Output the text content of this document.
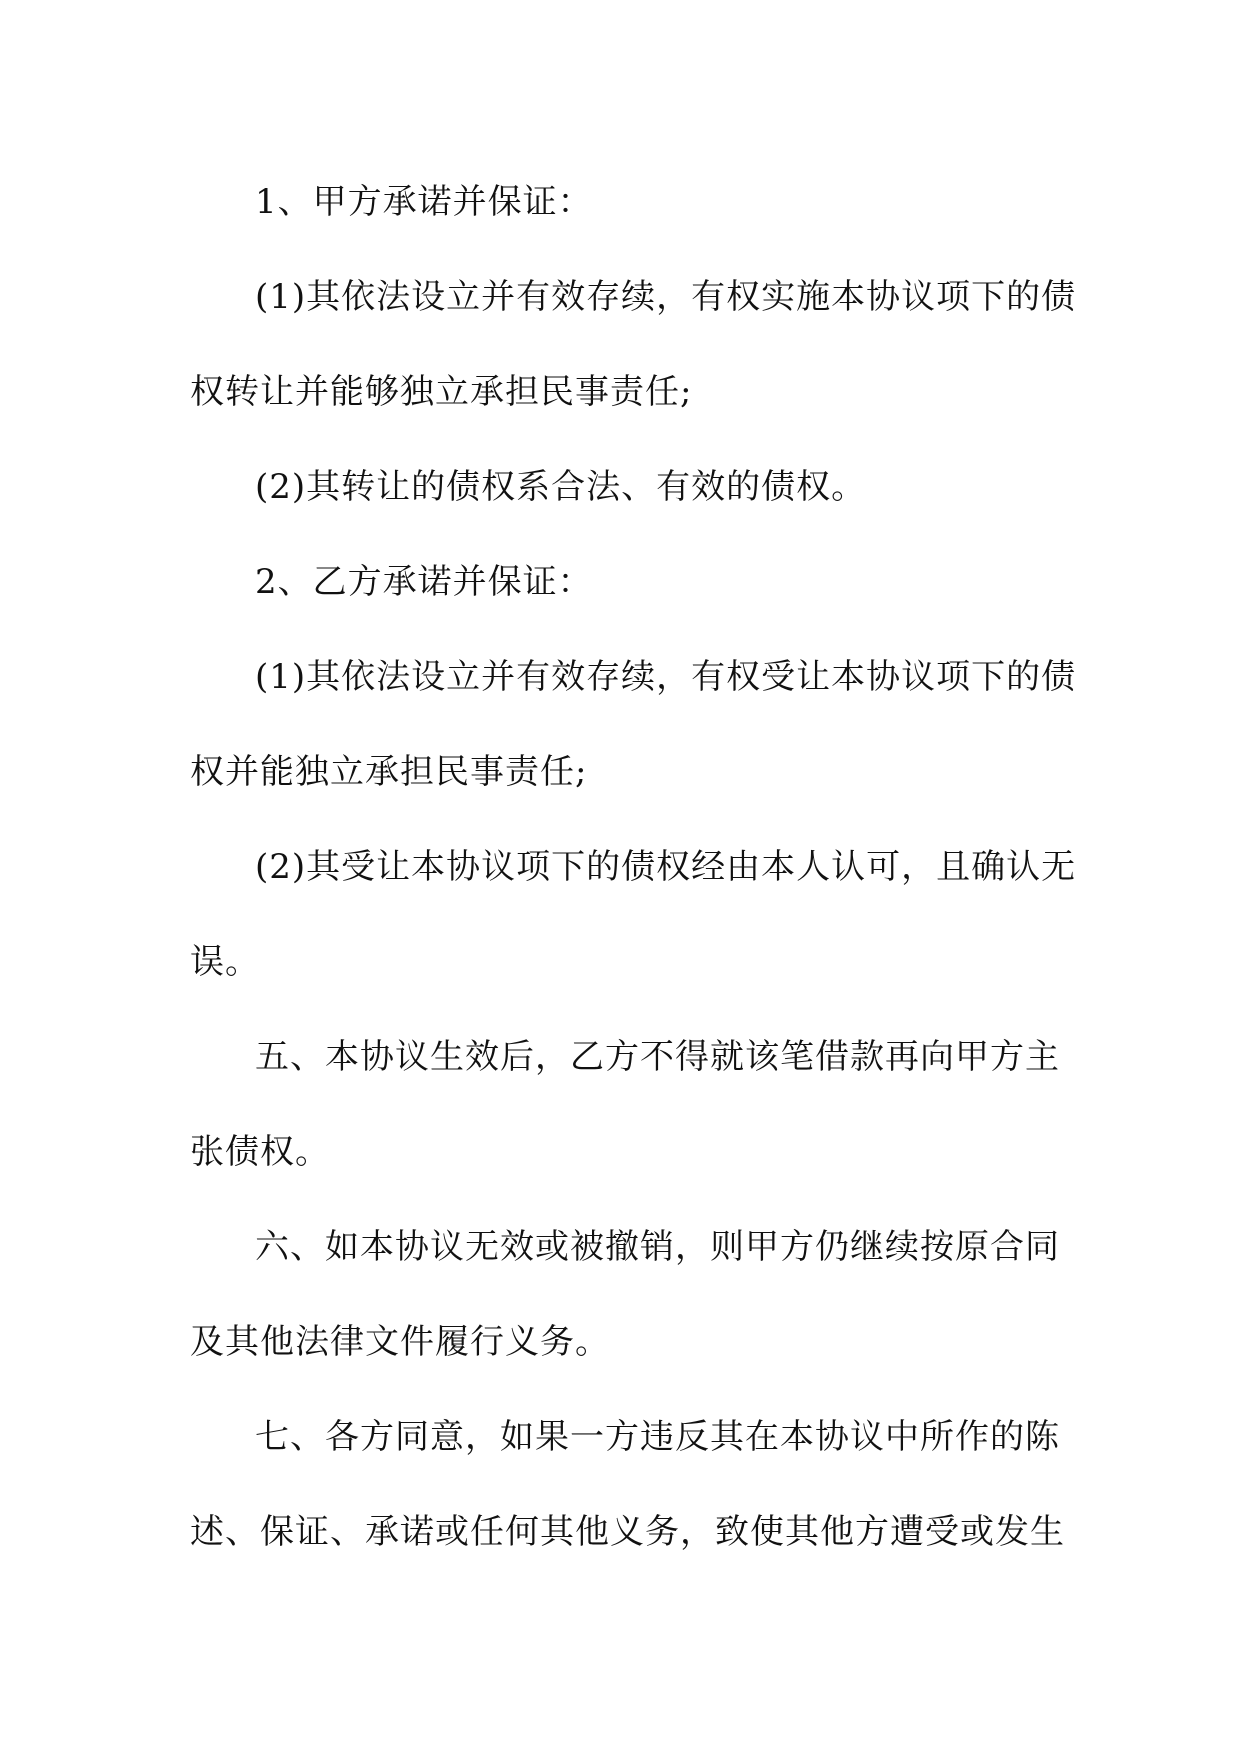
1、甲方承诺并保证：
(1)其依法设立并有效存续，有权实施本协议项下的债
权转让并能够独立承担民事责任;
(2)其转让的债权系合法、有效的债权。
2、乙方承诺并保证：
(1)其依法设立并有效存续，有权受让本协议项下的债
权并能独立承担民事责任;
(2)其受让本协议项下的债权经由本人认可，且确认无
误。
五、本协议生效后，乙方不得就该笔借款再向甲方主
张债权。
六、如本协议无效或被撤销，则甲方仍继续按原合同
及其他法律文件履行义务。
七、各方同意，如果一方违反其在本协议中所作的陈
述、保证、承诺或任何其他义务，致使其他方遭受或发生
